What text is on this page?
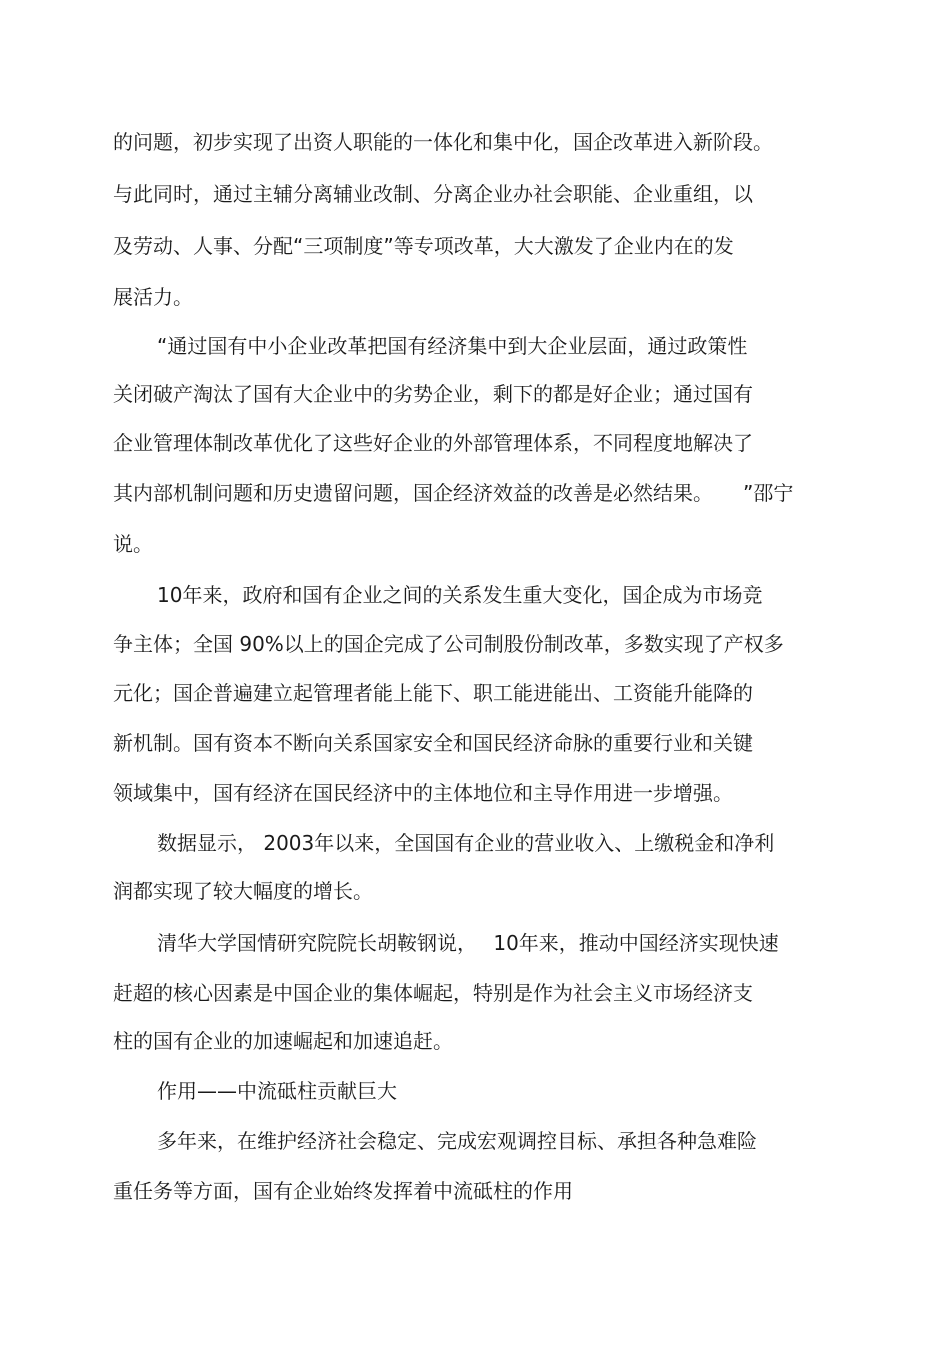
的问题，初步实现了出资人职能的一体化和集中化，国企改革进入新阶段。
与此同时，通过主辅分离辅业改制、分离企业办社会职能、企业重组，以
及劳动、人事、分配“三项制度”等专项改革，大大激发了企业内在的发
展活力。
“通过国有中小企业改革把国有经济集中到大企业层面，通过政策性
关闭破产淘汰了国有大企业中的劣势企业，剩下的都是好企业；通过国有
企业管理体制改革优化了这些好企业的外部管理体系，不同程度地解决了
其内部机制问题和历史遗留问题，国企经济效益的改善是必然结果。　　”邵宁
说。
10年来，政府和国有企业之间的关系发生重大变化，国企成为市场竞
争主体；全国 90%以上的国企完成了公司制股份制改革，多数实现了产权多
元化；国企普遍建立起管理者能上能下、职工能进能出、工资能升能降的
新机制。国有资本不断向关系国家安全和国民经济命脉的重要行业和关键
领域集中，国有经济在国民经济中的主体地位和主导作用进一步增强。
数据显示， 2003年以来，全国国有企业的营业收入、上缴税金和净利
润都实现了较大幅度的增长。
清华大学国情研究院院长胡鞍钢说，　 10年来，推动中国经济实现快速
赶超的核心因素是中国企业的集体崛起，特别是作为社会主义市场经济支
柱的国有企业的加速崛起和加速追赶。
作用——中流砥柱贡献巨大
多年来，在维护经济社会稳定、完成宏观调控目标、承担各种急难险
重任务等方面，国有企业始终发挥着中流砥柱的作用
